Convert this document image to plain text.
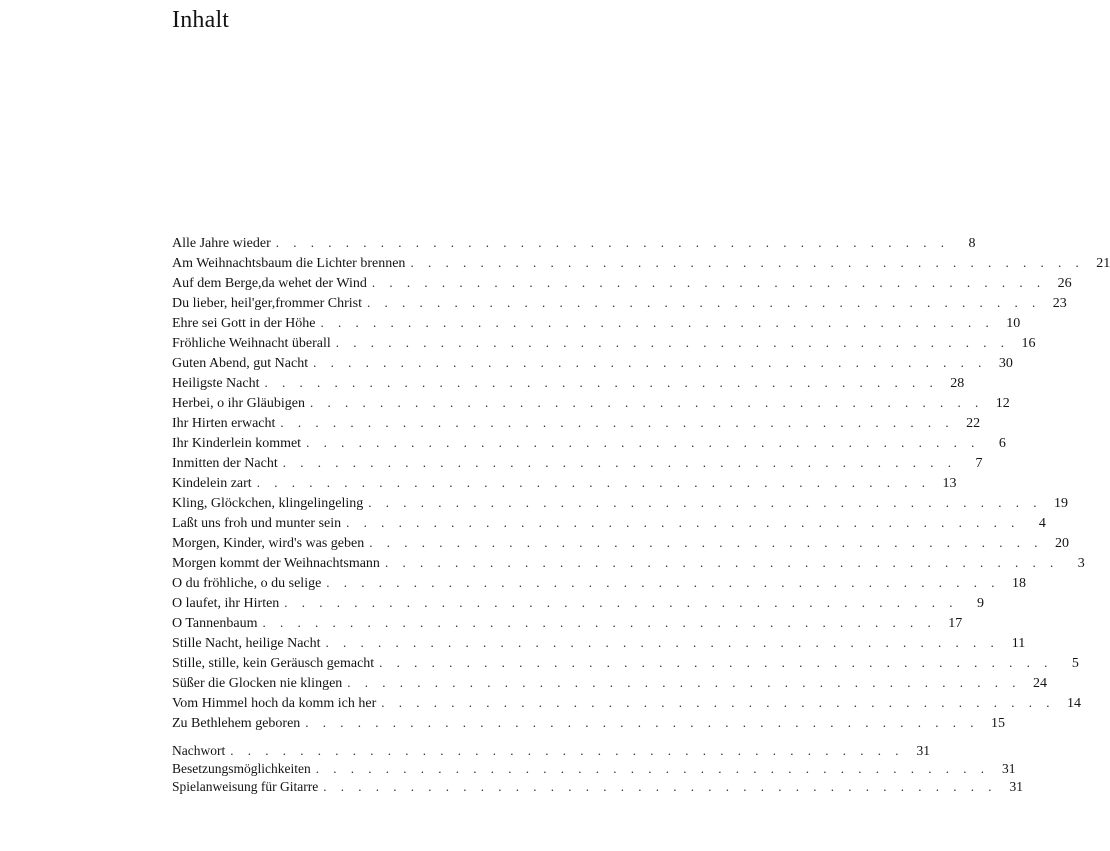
Inhalt
Alle Jahre wieder . . . . . . . . . . . . . . . . . . . . . . . . . . . . . . . . . . . . . . .	8
Am Weihnachtsbaum die Lichter brennen . . . . . . . . . . . . . . . . . . . . . . . . . . . . . . . . . . . . . . . 21
Auf dem Berge,da wehet der Wind . . . . . . . . . . . . . . . . . . . . . . . . . . . . . . . . . . . . . . . 26
Du lieber, heil'ger,frommer Christ . . . . . . . . . . . . . . . . . . . . . . . . . . . . . . . . . . . . . . . 23
Ehre sei Gott in der Höhe . . . . . . . . . . . . . . . . . . . . . . . . . . . . . . . . . . . . . . . 10
Fröhliche Weihnacht überall . . . . . . . . . . . . . . . . . . . . . . . . . . . . . . . . . . . . . . . 16
Guten Abend, gut Nacht . . . . . . . . . . . . . . . . . . . . . . . . . . . . . . . . . . . . . . . 30
Heiligste Nacht . . . . . . . . . . . . . . . . . . . . . . . . . . . . . . . . . . . . . . . 28
Herbei, o ihr Gläubigen . . . . . . . . . . . . . . . . . . . . . . . . . . . . . . . . . . . . . . . 12
Ihr Hirten erwacht . . . . . . . . . . . . . . . . . . . . . . . . . . . . . . . . . . . . . . . 22
Ihr Kinderlein kommet . . . . . . . . . . . . . . . . . . . . . . . . . . . . . . . . . . . . . . .	6
Inmitten der Nacht . . . . . . . . . . . . . . . . . . . . . . . . . . . . . . . . . . . . . . .	7
Kindelein zart . . . . . . . . . . . . . . . . . . . . . . . . . . . . . . . . . . . . . . . 13
Kling, Glöckchen, klingelingeling . . . . . . . . . . . . . . . . . . . . . . . . . . . . . . . . . . . . . . . 19
Laßt uns froh und munter sein . . . . . . . . . . . . . . . . . . . . . . . . . . . . . . . . . . . . . . .	4
Morgen, Kinder, wird's was geben . . . . . . . . . . . . . . . . . . . . . . . . . . . . . . . . . . . . . . . 20
Morgen kommt der Weihnachtsmann . . . . . . . . . . . . . . . . . . . . . . . . . . . . . . . . . . . . . . .	3
O du fröhliche, o du selige . . . . . . . . . . . . . . . . . . . . . . . . . . . . . . . . . . . . . . . 18
O laufet, ihr Hirten . . . . . . . . . . . . . . . . . . . . . . . . . . . . . . . . . . . . . . .	9
O Tannenbaum . . . . . . . . . . . . . . . . . . . . . . . . . . . . . . . . . . . . . . . 17
Stille Nacht, heilige Nacht . . . . . . . . . . . . . . . . . . . . . . . . . . . . . . . . . . . . . . . 11
Stille, stille, kein Geräusch gemacht . . . . . . . . . . . . . . . . . . . . . . . . . . . . . . . . . . . . . . .	5
Süßer die Glocken nie klingen . . . . . . . . . . . . . . . . . . . . . . . . . . . . . . . . . . . . . . . 24
Vom Himmel hoch da komm ich her . . . . . . . . . . . . . . . . . . . . . . . . . . . . . . . . . . . . . . . 14
Zu Bethlehem geboren . . . . . . . . . . . . . . . . . . . . . . . . . . . . . . . . . . . . . . . 15
Nachwort . . . . . . . . . . . . . . . . . . . . . . . . . . . . . . . . . . . . . . . 31
Besetzungsmöglichkeiten . . . . . . . . . . . . . . . . . . . . . . . . . . . . . . . . . . . . . . . 31
Spielanweisung für Gitarre . . . . . . . . . . . . . . . . . . . . . . . . . . . . . . . . . . . . . . . 31
